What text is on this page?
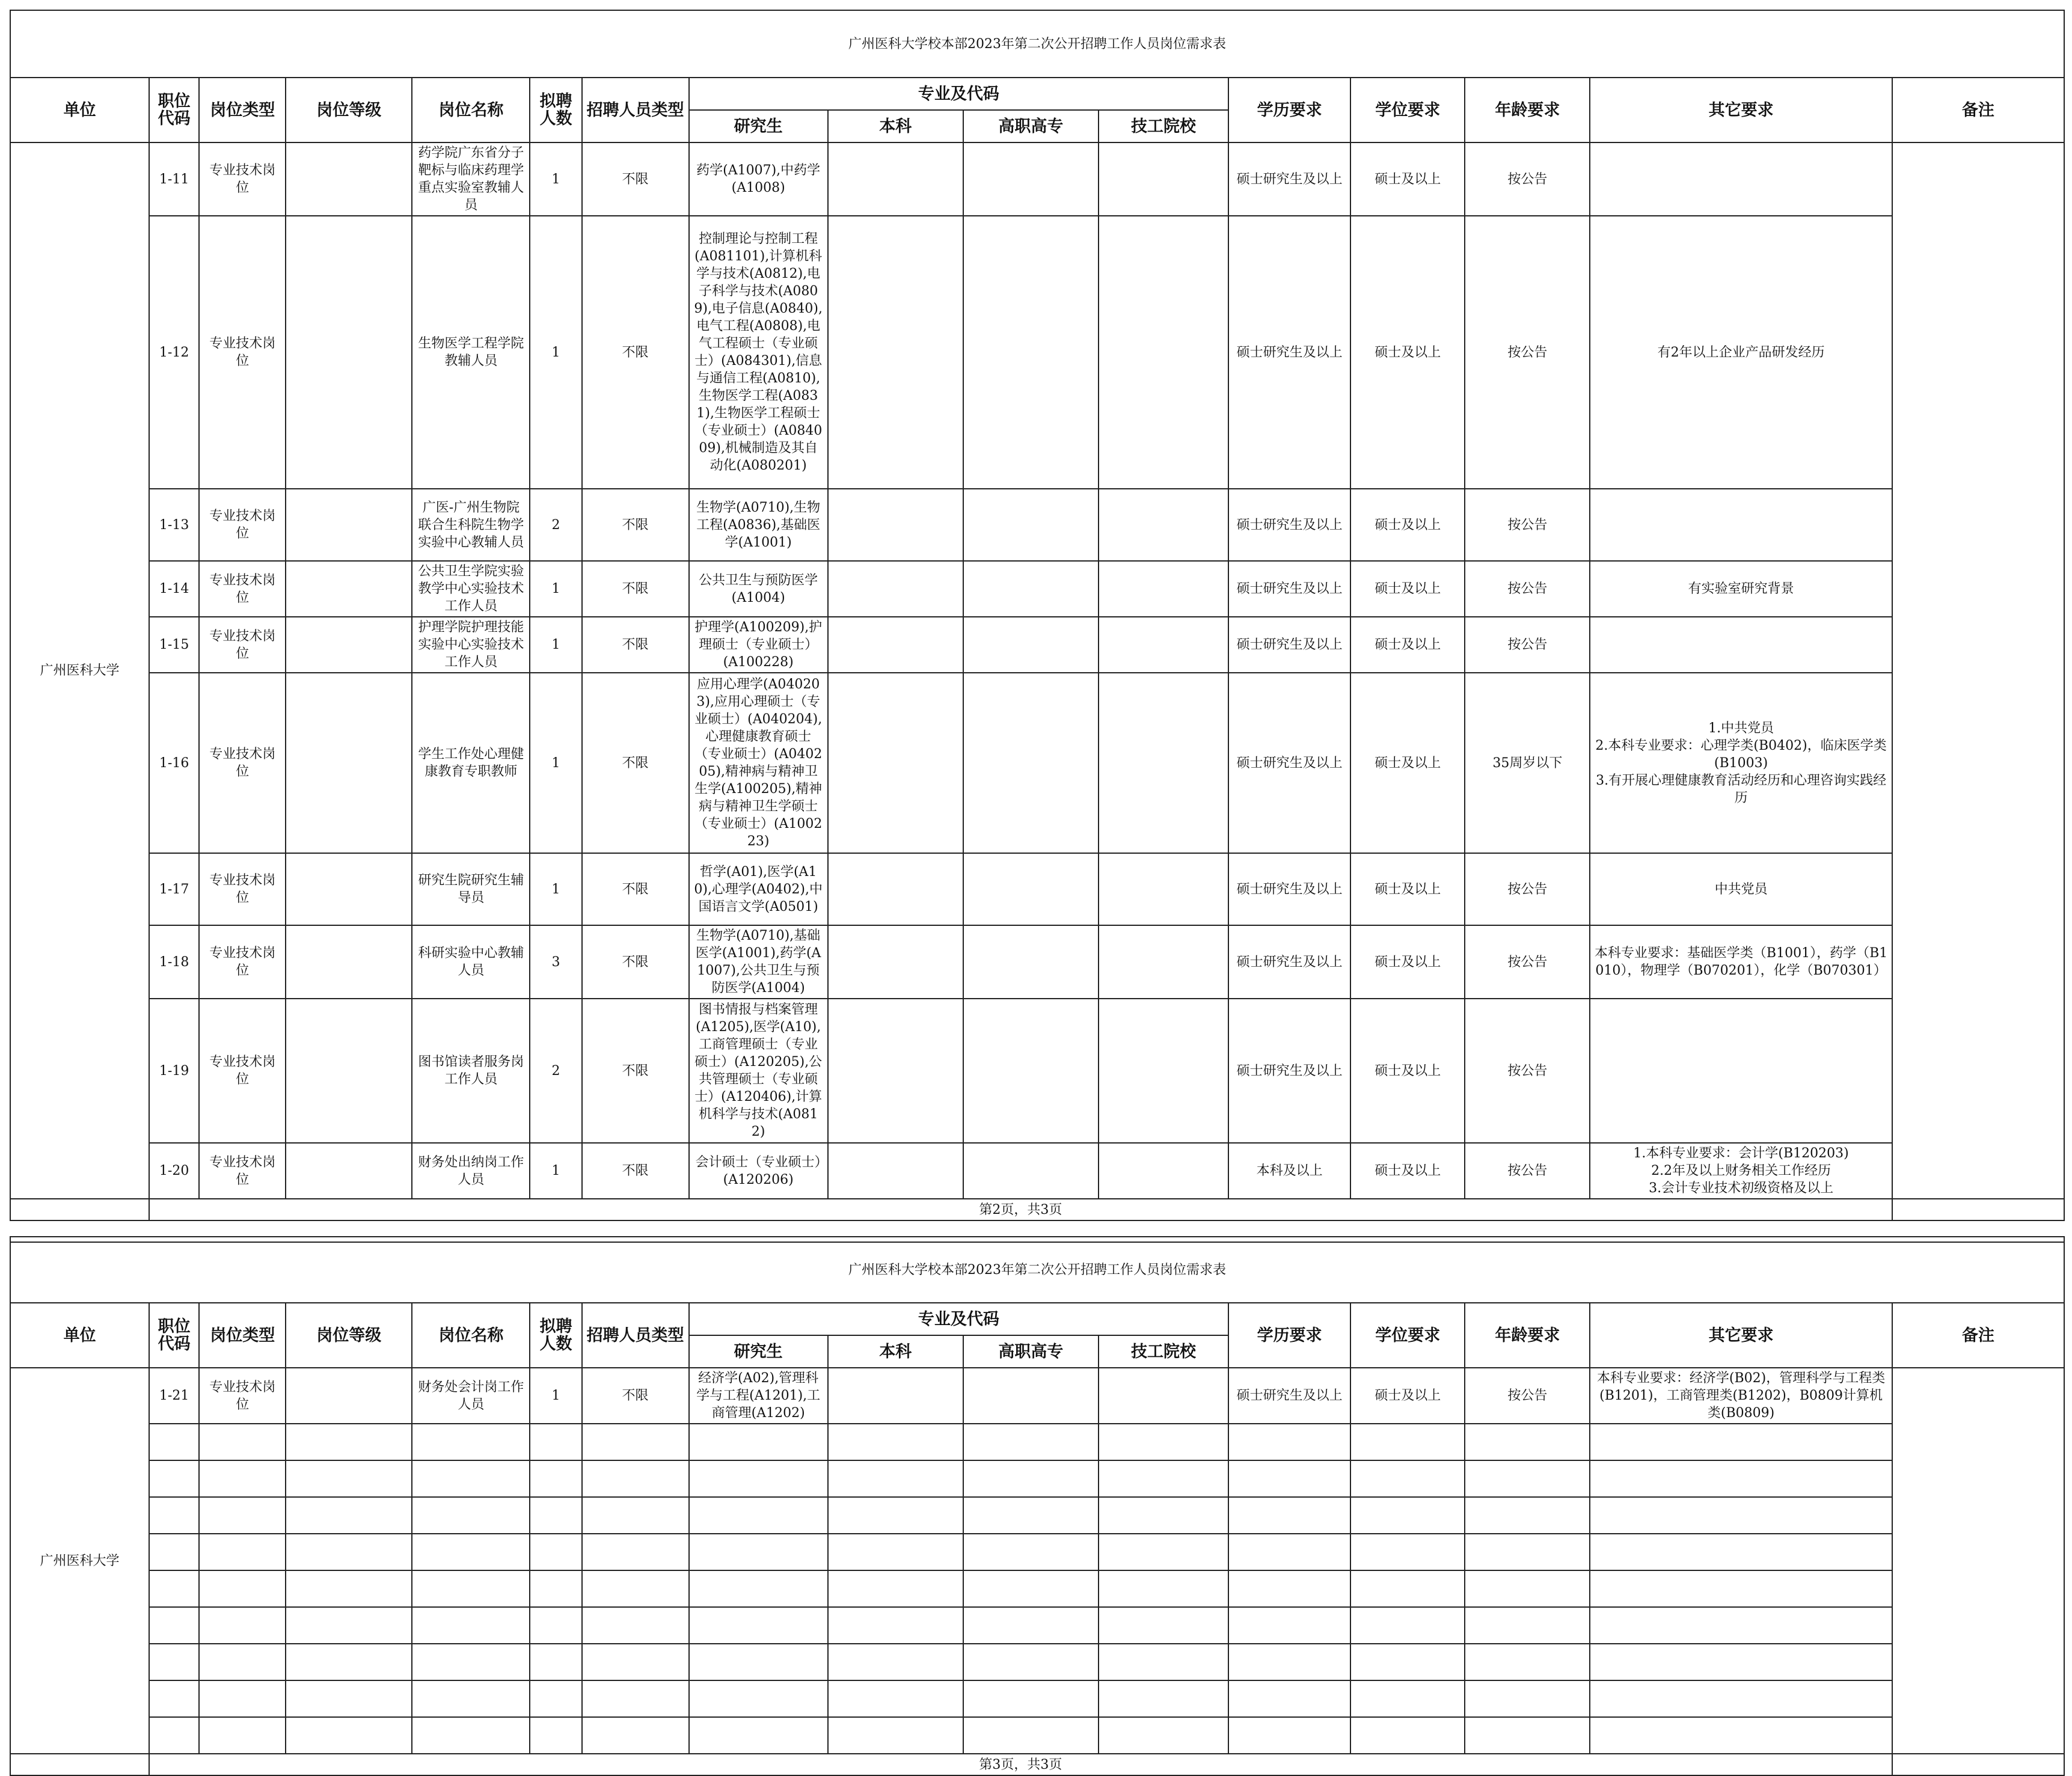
广州医科大学校本部2023年第二次公开招聘工作人员岗位需求表															
单位	职位代码	岗位类型	岗位等级	岗位名称	拟聘人数	招聘人员类型	专业及代码				学历要求	学位要求	年龄要求	其它要求	备注
							研究生	本科	高职高专	技工院校					
广州医科大学	1-11	专业技术岗位		药学院广东省分子靶标与临床药理学重点实验室教辅人员	1	不限	药学(A1007),中药学(A1008)				硕士研究生及以上	硕士及以上	按公告		
	1-12	专业技术岗位		生物医学工程学院教辅人员	1	不限	控制理论与控制工程(A081101),计算机科学与技术(A0812),电子科学与技术(A0809),电子信息(A0840),电气工程(A0808),电气工程硕士（专业硕士）(A084301),信息与通信工程(A0810),生物医学工程(A0831),生物医学工程硕士（专业硕士）(A084009),机械制造及其自动化(A080201)				硕士研究生及以上	硕士及以上	按公告	有2年以上企业产品研发经历	
	1-13	专业技术岗位		广医-广州生物院联合生科院生物学实验中心教辅人员	2	不限	生物学(A0710),生物工程(A0836),基础医学(A1001)				硕士研究生及以上	硕士及以上	按公告		
	1-14	专业技术岗位		公共卫生学院实验教学中心实验技术工作人员	1	不限	公共卫生与预防医学(A1004)				硕士研究生及以上	硕士及以上	按公告	有实验室研究背景	
	1-15	专业技术岗位		护理学院护理技能实验中心实验技术工作人员	1	不限	护理学(A100209),护理硕士（专业硕士）(A100228)				硕士研究生及以上	硕士及以上	按公告		
	1-16	专业技术岗位		学生工作处心理健康教育专职教师	1	不限	应用心理学(A040203),应用心理硕士（专业硕士）(A040204),心理健康教育硕士（专业硕士）(A040205),精神病与精神卫生学(A100205),精神病与精神卫生学硕士（专业硕士）(A100223)				硕士研究生及以上	硕士及以上	35周岁以下	1.中共党员
2.本科专业要求：心理学类(B0402)，临床医学类(B1003)
3.有开展心理健康教育活动经历和心理咨询实践经历	
	1-17	专业技术岗位		研究生院研究生辅导员	1	不限	哲学(A01),医学(A10),心理学(A0402),中国语言文学(A0501)				硕士研究生及以上	硕士及以上	按公告	中共党员	
	1-18	专业技术岗位		科研实验中心教辅人员	3	不限	生物学(A0710),基础医学(A1001),药学(A1007),公共卫生与预防医学(A1004)				硕士研究生及以上	硕士及以上	按公告	本科专业要求：基础医学类（B1001），药学（B1010），物理学（B070201），化学（B070301）	
	1-19	专业技术岗位		图书馆读者服务岗工作人员	2	不限	图书情报与档案管理(A1205),医学(A10),工商管理硕士（专业硕士）(A120205),公共管理硕士（专业硕士）(A120406),计算机科学与技术(A0812)				硕士研究生及以上	硕士及以上	按公告		
	1-20	专业技术岗位		财务处出纳岗工作人员	1	不限	会计硕士（专业硕士）(A120206)				本科及以上	硕士及以上	按公告	1.本科专业要求：会计学(B120203)
2.2年及以上财务相关工作经历
3.会计专业技术初级资格及以上	
	第2页，共3页														

广州医科大学校本部2023年第二次公开招聘工作人员岗位需求表															
单位	职位代码	岗位类型	岗位等级	岗位名称	拟聘人数	招聘人员类型	专业及代码				学历要求	学位要求	年龄要求	其它要求	备注
							研究生	本科	高职高专	技工院校					
广州医科大学	1-21	专业技术岗位		财务处会计岗工作人员	1	不限	经济学(A02),管理科学与工程(A1201),工商管理(A1202)				硕士研究生及以上	硕士及以上	按公告	本科专业要求：经济学(B02)，管理科学与工程类(B1201)，工商管理类(B1202)，B0809计算机类(B0809)	

	第3页，共3页														
